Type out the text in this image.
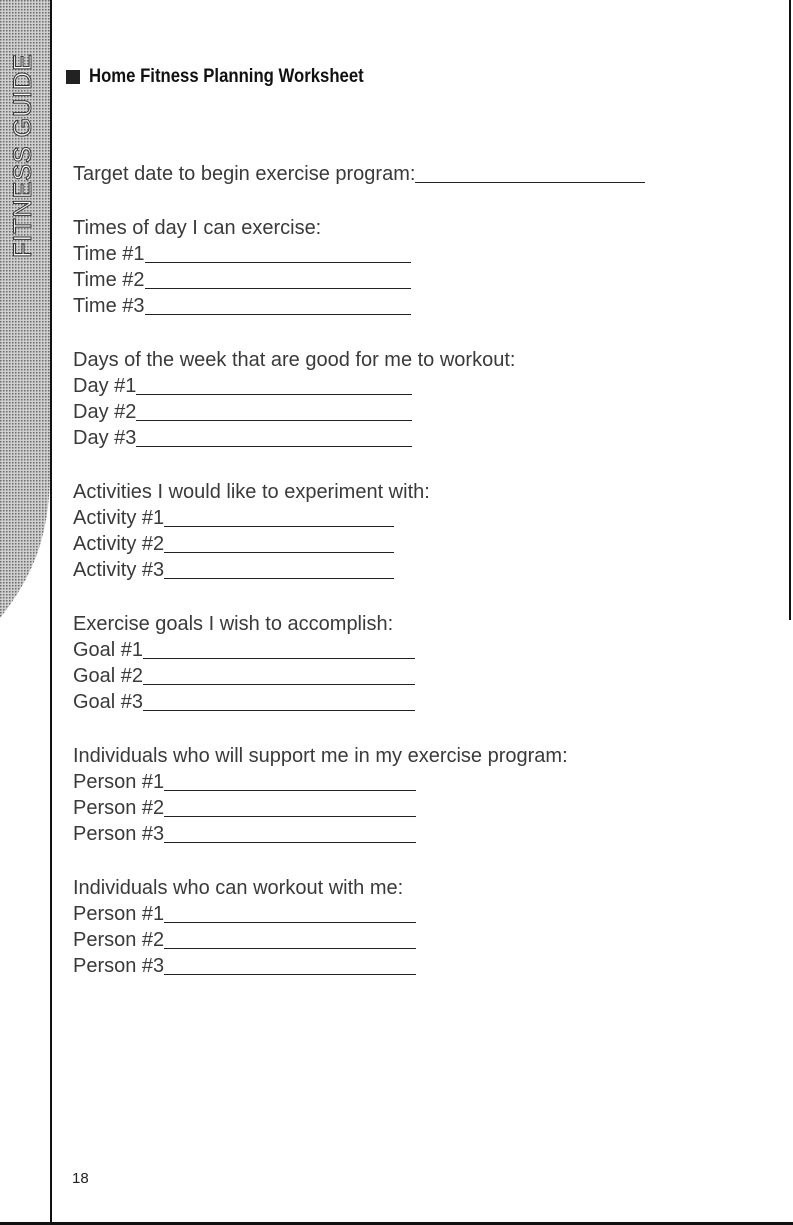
FITNESS GUIDE	Home Fitness Planning Worksheet
Target date to begin exercise program:
Times of day I can exercise:
Time #1
Time #2
Time #3
Days of the week that are good for me to workout:
Day #1
Day #2
Day #3
Activities I would like to experiment with:
Activity #1
Activity #2
Activity #3
Exercise goals I wish to accomplish:
Goal #1
Goal #2
Goal #3
Individuals who will support me in my exercise program:
Person #1
Person #2
Person #3
Individuals who can workout with me:
Person #1
Person #2
Person #3
18
